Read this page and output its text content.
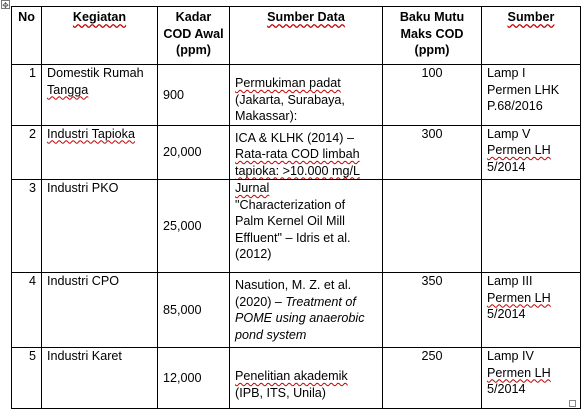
✥
No	Kegiatan	Kadar
COD Awal
(ppm)	Sumber Data	Baku Mutu
Maks COD
(ppm)	Sumber
1	Domestik Rumah
Tangga	900	Permukiman padat
(Jakarta, Surabaya,
Makassar):	100	Lamp I
Permen LHK
P.68/2016

2	Industri Tapioka	20,000	ICA & KLHK (2014) –
Rata-rata COD limbah
tapioka: >10.000 mg/L	300	Lamp V
Permen LH
5/2014

3	Industri PKO	25,000	Jurnal
"Characterization of
Palm Kernel Oil Mill
Effluent" – Idris et al.
(2012)		

4	Industri CPO	85,000	Nasution, M. Z. et al.
(2020) – Treatment of
POME using anaerobic
pond system	350	Lamp III
Permen LH
5/2014

5	Industri Karet	12,000	Penelitian akademik
(IPB, ITS, Unila)	250	Lamp IV
Permen LH
5/2014
